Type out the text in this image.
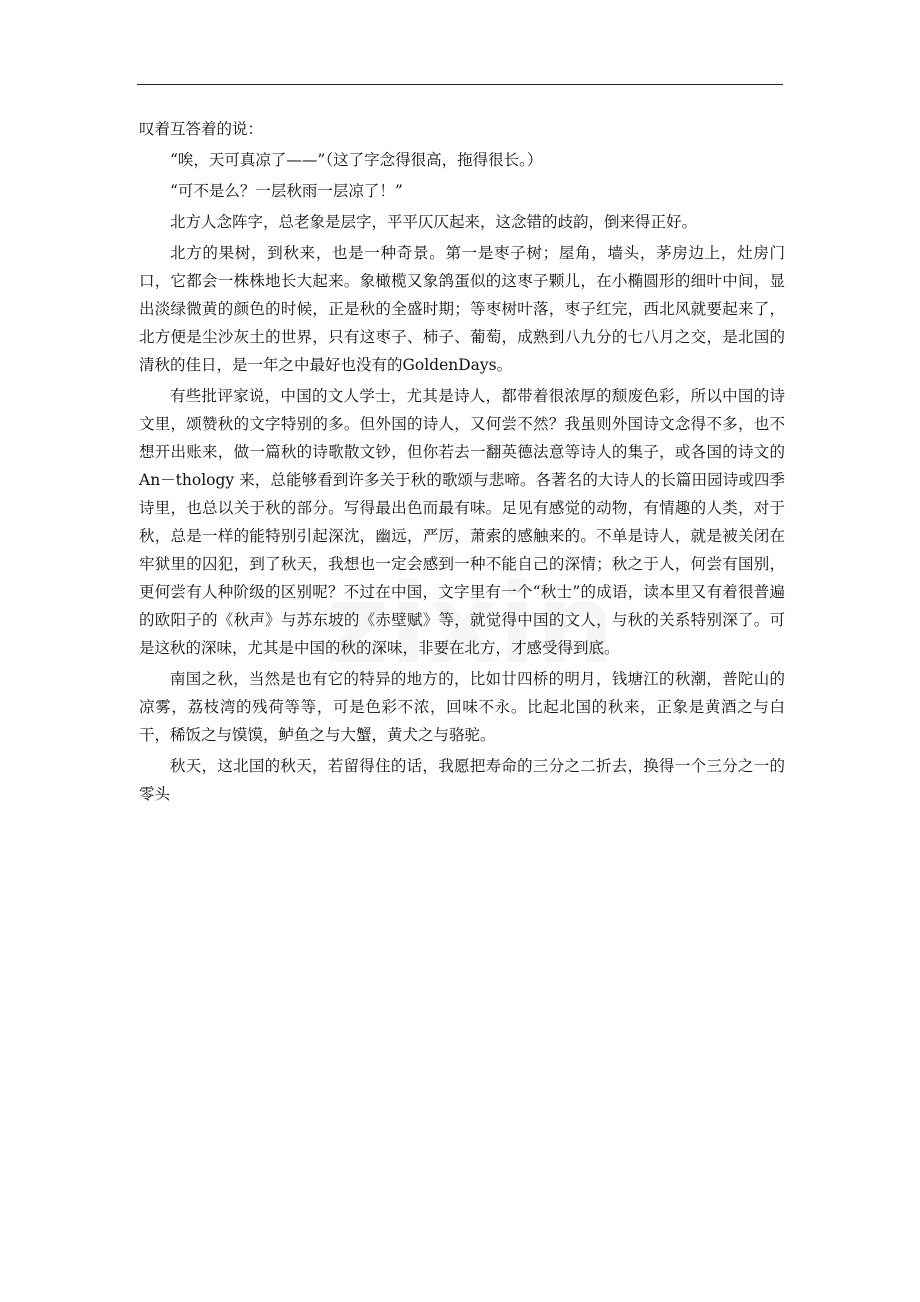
叹着互答着的说：

“唉，天可真凉了——”（这了字念得很高，拖得很长。）

“可不是么？一层秋雨一层凉了！”

北方人念阵字，总老象是层字，平平仄仄起来，这念错的歧韵，倒来得正好。

北方的果树，到秋来，也是一种奇景。第一是枣子树；屋角，墙头，茅房边上，灶房门口，它都会一株株地长大起来。象橄榄又象鸽蛋似的这枣子颗儿，在小椭圆形的细叶中间，显出淡绿微黄的颜色的时候，正是秋的全盛时期；等枣树叶落，枣子红完，西北风就要起来了，北方便是尘沙灰土的世界，只有这枣子、柿子、葡萄，成熟到八九分的七八月之交，是北国的清秋的佳日，是一年之中最好也没有的GoldenDays。

有些批评家说，中国的文人学士，尤其是诗人，都带着很浓厚的颓废色彩，所以中国的诗文里，颂赞秋的文字特别的多。但外国的诗人，又何尝不然？我虽则外国诗文念得不多，也不想开出账来，做一篇秋的诗歌散文钞，但你若去一翻英德法意等诗人的集子，或各国的诗文的 An－thology 来，总能够看到许多关于秋的歌颂与悲啼。各著名的大诗人的长篇田园诗或四季诗里，也总以关于秋的部分。写得最出色而最有味。足见有感觉的动物，有情趣的人类，对于秋，总是一样的能特别引起深沈，幽远，严厉，萧索的感触来的。不单是诗人，就是被关闭在牢狱里的囚犯，到了秋天，我想也一定会感到一种不能自己的深情；秋之于人，何尝有国别，更何尝有人种阶级的区别呢？不过在中国，文字里有一个“秋士”的成语，读本里又有着很普遍的欧阳子的《秋声》与苏东坡的《赤壁赋》等，就觉得中国的文人，与秋的关系特别深了。可是这秋的深味，尤其是中国的秋的深味，非要在北方，才感受得到底。

南国之秋，当然是也有它的特异的地方的，比如廿四桥的明月，钱塘江的秋潮，普陀山的凉雾，荔枝湾的残荷等等，可是色彩不浓，回味不永。比起北国的秋来，正象是黄酒之与白干，稀饭之与馍馍，鲈鱼之与大蟹，黄犬之与骆驼。

秋天，这北国的秋天，若留得住的话，我愿把寿命的三分之二折去，换得一个三分之一的零头
